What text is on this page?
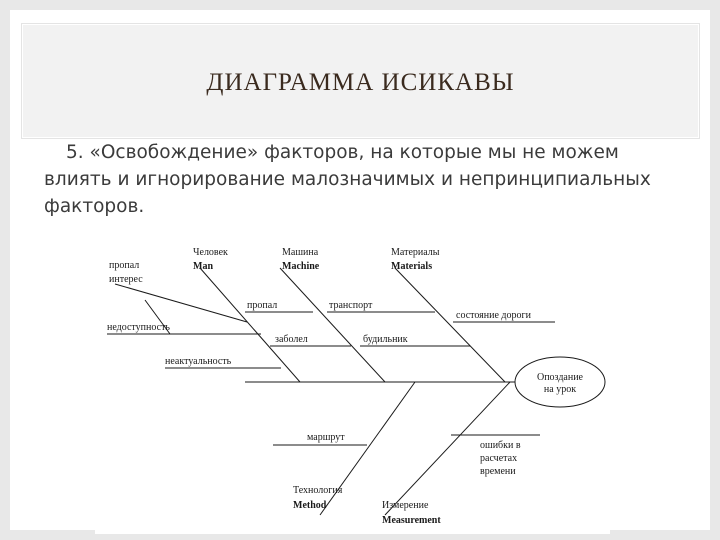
ДИАГРАММА ИСИКАВЫ
5. «Освобождение» факторов, на которые мы не можем влиять и игнорирование малозначимых и непринципиальных факторов.
Опоздание
на урок
Человек
Man
Машина
Machine
Материалы
Materials
Технология
Method	Измерение
Measurement
пропал
интерес
недоступность
неактуальность
пропал
заболел
транспорт
состояние дороги
будильник
маршрут
ошибки в
расчетах
времени
